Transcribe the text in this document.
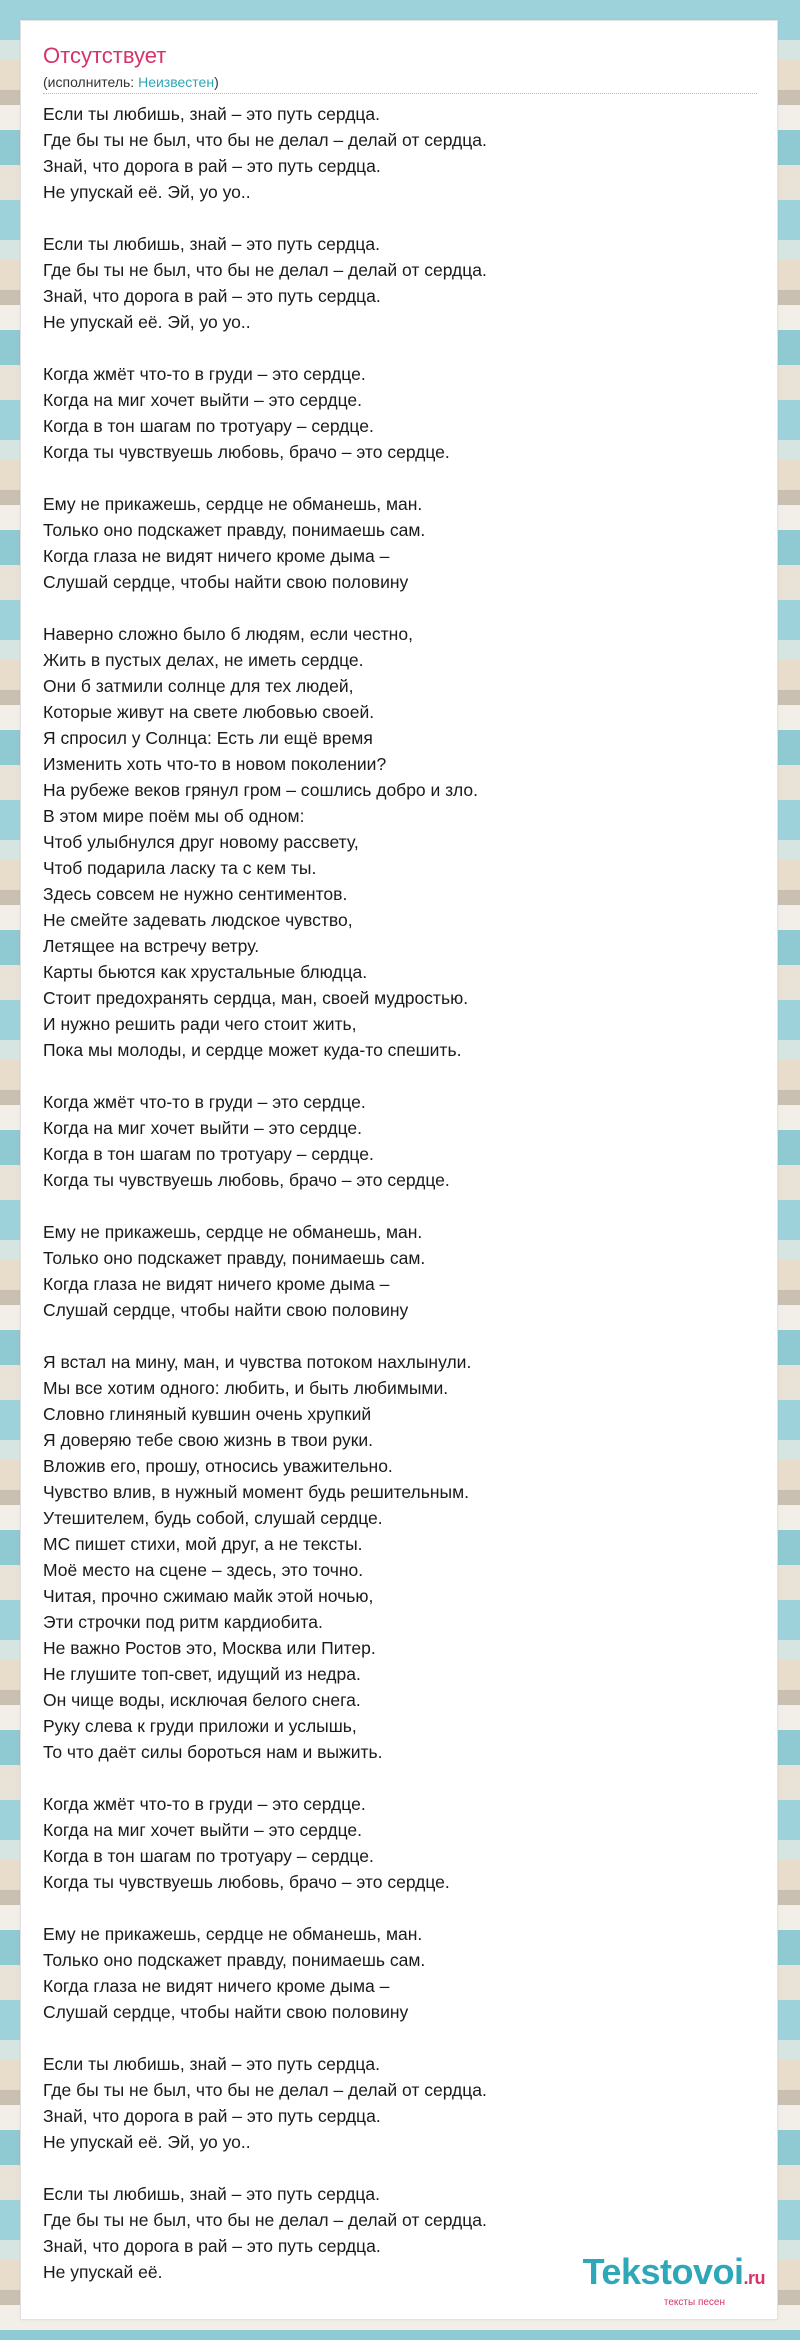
Отсутствует
(исполнитель: Неизвестен)
Если ты любишь, знай – это путь сердца.
Где бы ты не был, что бы не делал – делай от сердца.
Знай, что дорога в рай – это путь сердца.
Не упускай её. Эй, уо уо..
Если ты любишь, знай – это путь сердца.
Где бы ты не был, что бы не делал – делай от сердца.
Знай, что дорога в рай – это путь сердца.
Не упускай её. Эй, уо уо..
Когда жмёт что-то в груди – это сердце.
Когда на миг хочет выйти – это сердце.
Когда в тон шагам по тротуару – сердце.
Когда ты чувствуешь любовь, брачо – это сердце.
Ему не прикажешь, сердце не обманешь, ман.
Только оно подскажет правду, понимаешь сам.
Когда глаза не видят ничего кроме дыма –
Слушай сердце, чтобы найти свою половину
Наверно сложно было б людям, если честно,
Жить в пустых делах, не иметь сердце.
Они б затмили солнце для тех людей,
Которые живут на свете любовью своей.
Я спросил у Солнца: Есть ли ещё время
Изменить хоть что-то в новом поколении?
На рубеже веков грянул гром – сошлись добро и зло.
В этом мире поём мы об одном:
Чтоб улыбнулся друг новому рассвету,
Чтоб подарила ласку та с кем ты.
Здесь совсем не нужно сентиментов.
Не смейте задевать людское чувство,
Летящее на встречу ветру.
Карты бьются как хрустальные блюдца.
Стоит предохранять сердца, ман, своей мудростью.
И нужно решить ради чего стоит жить,
Пока мы молоды, и сердце может куда-то спешить.
Когда жмёт что-то в груди – это сердце.
Когда на миг хочет выйти – это сердце.
Когда в тон шагам по тротуару – сердце.
Когда ты чувствуешь любовь, брачо – это сердце.
Ему не прикажешь, сердце не обманешь, ман.
Только оно подскажет правду, понимаешь сам.
Когда глаза не видят ничего кроме дыма –
Слушай сердце, чтобы найти свою половину
Я встал на мину, ман, и чувства потоком нахлынули.
Мы все хотим одного: любить, и быть любимыми.
Словно глиняный кувшин очень хрупкий
Я доверяю тебе свою жизнь в твои руки.
Вложив его, прошу, относись уважительно.
Чувство влив, в нужный момент будь решительным.
Утешителем, будь собой, слушай сердце.
МС пишет стихи, мой друг, а не тексты.
Моё место на сцене – здесь, это точно.
Читая, прочно сжимаю майк этой ночью,
Эти строчки под ритм кардиобита.
Не важно Ростов это, Москва или Питер.
Не глушите топ-свет, идущий из недра.
Он чище воды, исключая белого снега.
Руку слева к груди приложи и услышь,
То что даёт силы бороться нам и выжить.
Когда жмёт что-то в груди – это сердце.
Когда на миг хочет выйти – это сердце.
Когда в тон шагам по тротуару – сердце.
Когда ты чувствуешь любовь, брачо – это сердце.
Ему не прикажешь, сердце не обманешь, ман.
Только оно подскажет правду, понимаешь сам.
Когда глаза не видят ничего кроме дыма –
Слушай сердце, чтобы найти свою половину
Если ты любишь, знай – это путь сердца.
Где бы ты не был, что бы не делал – делай от сердца.
Знай, что дорога в рай – это путь сердца.
Не упускай её. Эй, уо уо..
Если ты любишь, знай – это путь сердца.
Где бы ты не был, что бы не делал – делай от сердца.
Знай, что дорога в рай – это путь сердца.
Не упускай её.	Tekstovoi.ru
тексты песен
